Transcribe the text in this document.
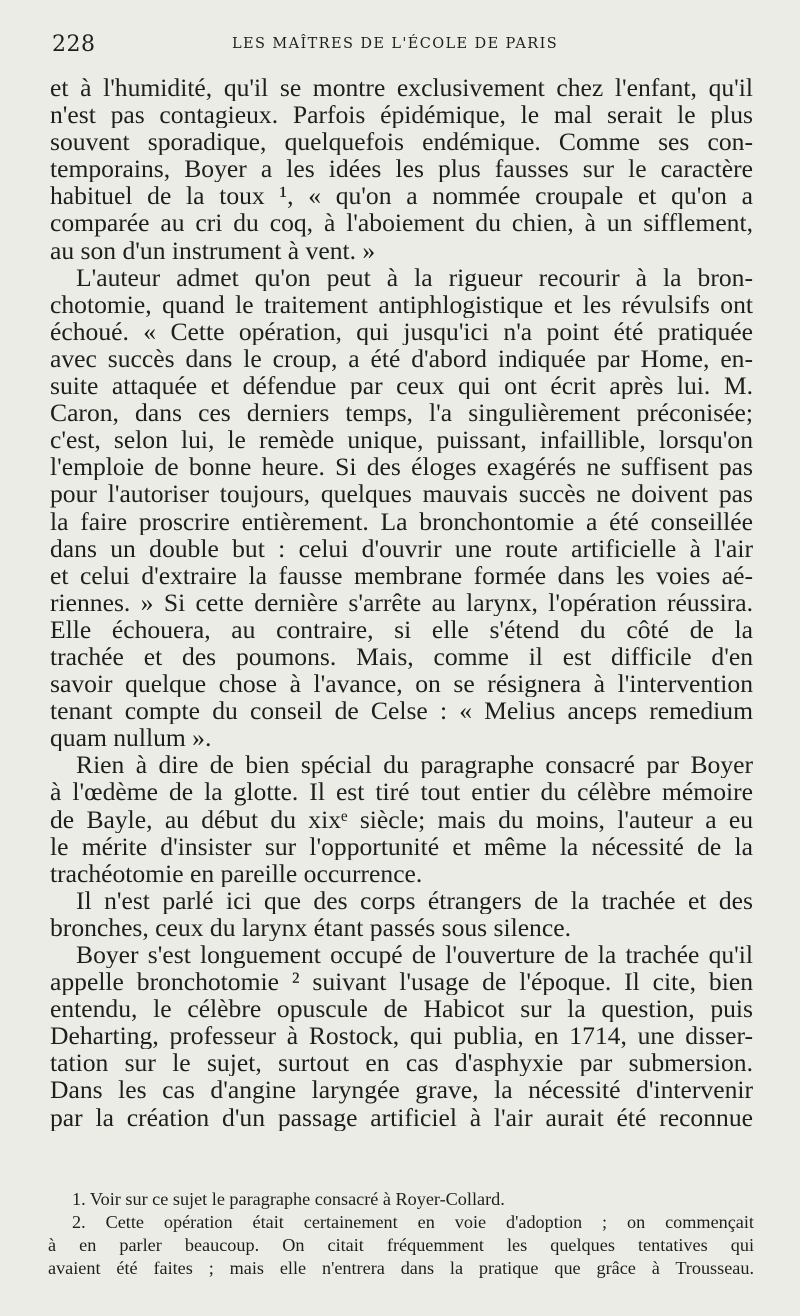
228	LES MAÎTRES DE L'ÉCOLE DE PARIS
et à l'humidité, qu'il se montre exclusivement chez l'enfant, qu'il
n'est pas contagieux. Parfois épidémique, le mal serait le plus
souvent sporadique, quelquefois endémique. Comme ses con-
temporains, Boyer a les idées les plus fausses sur le caractère
habituel de la toux ¹, « qu'on a nommée croupale et qu'on a
comparée au cri du coq, à l'aboiement du chien, à un sifflement,
au son d'un instrument à vent. »
L'auteur admet qu'on peut à la rigueur recourir à la bron-
chotomie, quand le traitement antiphlogistique et les révulsifs ont
échoué. « Cette opération, qui jusqu'ici n'a point été pratiquée
avec succès dans le croup, a été d'abord indiquée par Home, en-
suite attaquée et défendue par ceux qui ont écrit après lui. M.
Caron, dans ces derniers temps, l'a singulièrement préconisée;
c'est, selon lui, le remède unique, puissant, infaillible, lorsqu'on
l'emploie de bonne heure. Si des éloges exagérés ne suffisent pas
pour l'autoriser toujours, quelques mauvais succès ne doivent pas
la faire proscrire entièrement. La bronchontomie a été conseillée
dans un double but : celui d'ouvrir une route artificielle à l'air
et celui d'extraire la fausse membrane formée dans les voies aé-
riennes. » Si cette dernière s'arrête au larynx, l'opération réussira.
Elle échouera, au contraire, si elle s'étend du côté de la
trachée et des poumons. Mais, comme il est difficile d'en
savoir quelque chose à l'avance, on se résignera à l'intervention
tenant compte du conseil de Celse : « Melius anceps remedium
quam nullum ».
Rien à dire de bien spécial du paragraphe consacré par Boyer
à l'œdème de la glotte. Il est tiré tout entier du célèbre mémoire
de Bayle, au début du xixᵉ siècle; mais du moins, l'auteur a eu
le mérite d'insister sur l'opportunité et même la nécessité de la
trachéotomie en pareille occurrence.
Il n'est parlé ici que des corps étrangers de la trachée et des
bronches, ceux du larynx étant passés sous silence.
Boyer s'est longuement occupé de l'ouverture de la trachée qu'il
appelle bronchotomie ² suivant l'usage de l'époque. Il cite, bien
entendu, le célèbre opuscule de Habicot sur la question, puis
Deharting, professeur à Rostock, qui publia, en 1714, une disser-
tation sur le sujet, surtout en cas d'asphyxie par submersion.
Dans les cas d'angine laryngée grave, la nécessité d'intervenir
par la création d'un passage artificiel à l'air aurait été reconnue
1. Voir sur ce sujet le paragraphe consacré à Royer-Collard.
2. Cette opération était certainement en voie d'adoption ; on commençait
à en parler beaucoup. On citait fréquemment les quelques tentatives qui
avaient été faites ; mais elle n'entrera dans la pratique que grâce à Trousseau.
